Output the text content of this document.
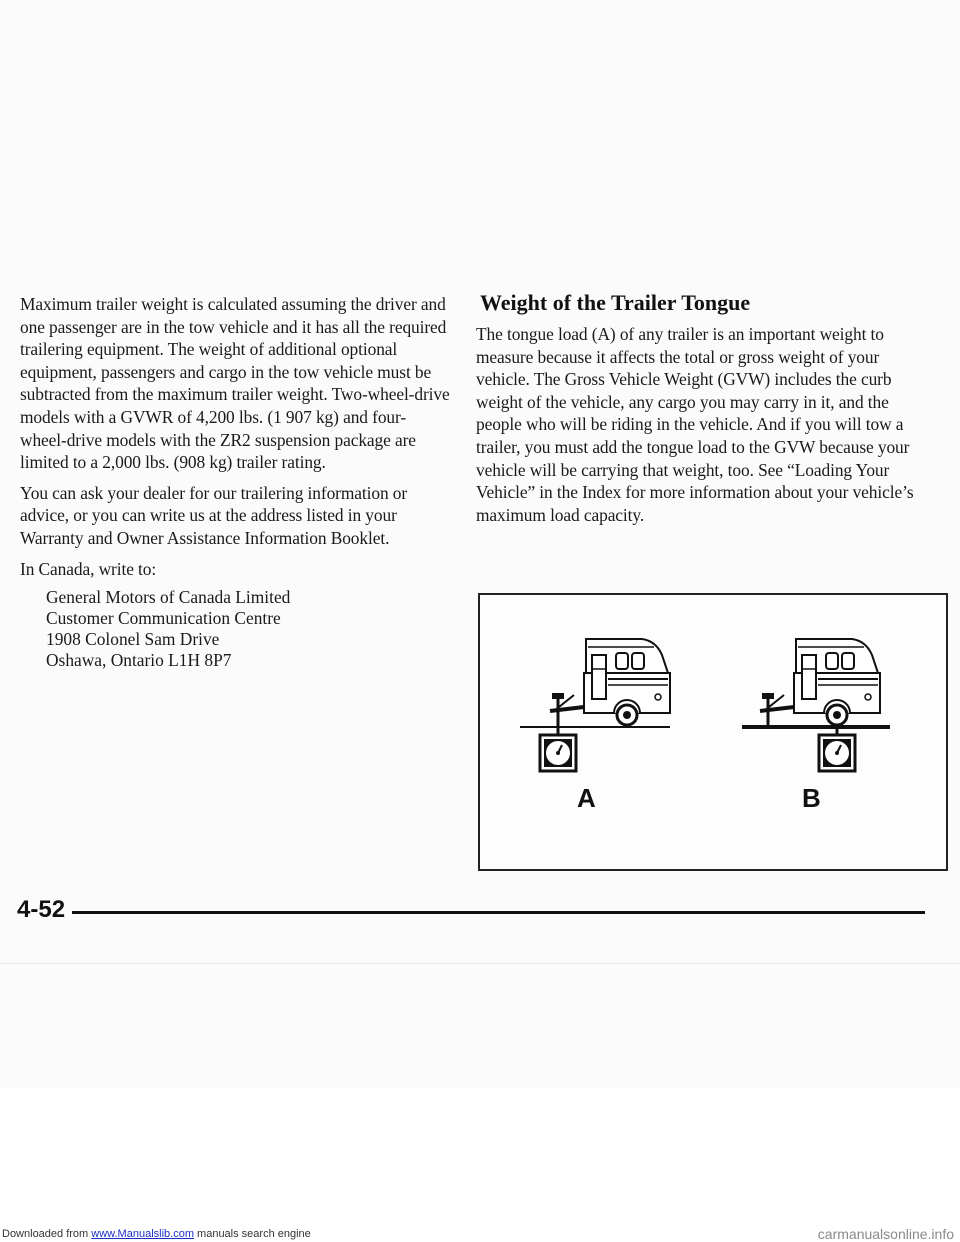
Maximum trailer weight is calculated assuming the driver and one passenger are in the tow vehicle and it has all the required trailering equipment. The weight of additional optional equipment, passengers and cargo in the tow vehicle must be subtracted from the maximum trailer weight. Two-wheel-drive models with a GVWR of 4,200 lbs. (1 907 kg) and four-wheel-drive models with the ZR2 suspension package are limited to a 2,000 lbs. (908 kg) trailer rating.

You can ask your dealer for our trailering information or advice, or you can write us at the address listed in your Warranty and Owner Assistance Information Booklet.

In Canada, write to:

General Motors of Canada Limited
Customer Communication Centre
1908 Colonel Sam Drive
Oshawa, Ontario L1H 8P7
Weight of the Trailer Tongue

The tongue load (A) of any trailer is an important weight to measure because it affects the total or gross weight of your vehicle. The Gross Vehicle Weight (GVW) includes the curb weight of the vehicle, any cargo you may carry in it, and the people who will be riding in the vehicle. And if you will tow a trailer, you must add the tongue load to the GVW because your vehicle will be carrying that weight, too. See “Loading Your Vehicle” in the Index for more information about your vehicle’s maximum load capacity.

A	B
4-52
Downloaded from www.Manualslib.com manuals search engine	carmanualsonline.info
